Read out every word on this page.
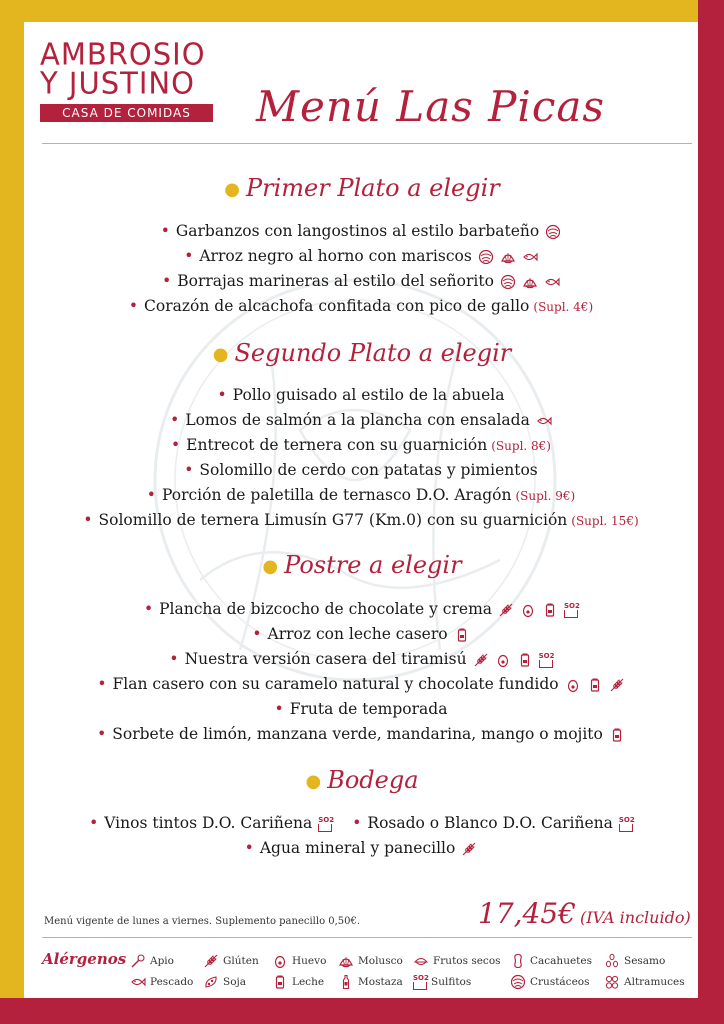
AMBROSIO
Y JUSTINO
CASA DE COMIDAS	Menú Las Picas
● Primer Plato a elegir
• Garbanzos con langostinos al estilo barbateño
• Arroz negro al horno con mariscos
• Borrajas marineras al estilo del señorito
• Corazón de alcachofa confitada con pico de gallo (Supl. 4€)
● Segundo Plato a elegir
• Pollo guisado al estilo de la abuela
• Lomos de salmón a la plancha con ensalada
• Entrecot de ternera con su guarnición (Supl. 8€)
• Solomillo de cerdo con patatas y pimientos
• Porción de paletilla de ternasco D.O. Aragón (Supl. 9€)
• Solomillo de ternera Limusín G77 (Km.0) con su guarnición (Supl. 15€)
● Postre a elegir
• Plancha de bizcocho de chocolate y crema	SO2
• Arroz con leche casero
• Nuestra versión casera del tiramisú	SO2
• Flan casero con su caramelo natural y chocolate fundido
• Fruta de temporada
• Sorbete de limón, manzana verde, mandarina, mango o mojito
● Bodega
• Vinos tintos D.O. Cariñena SO2 • Rosado o Blanco D.O. Cariñena SO2
• Agua mineral y panecillo
Menú vigente de lunes a viernes. Suplemento panecillo 0,50€.	17,45€ (IVA incluido)
Alérgenos	Apio	Glúten	Huevo	Molusco	Frutos secos	Cacahuetes	Sesamo
Pescado	Soja	Leche	Mostaza SO2 Sulfitos	Crustáceos	Altramuces
